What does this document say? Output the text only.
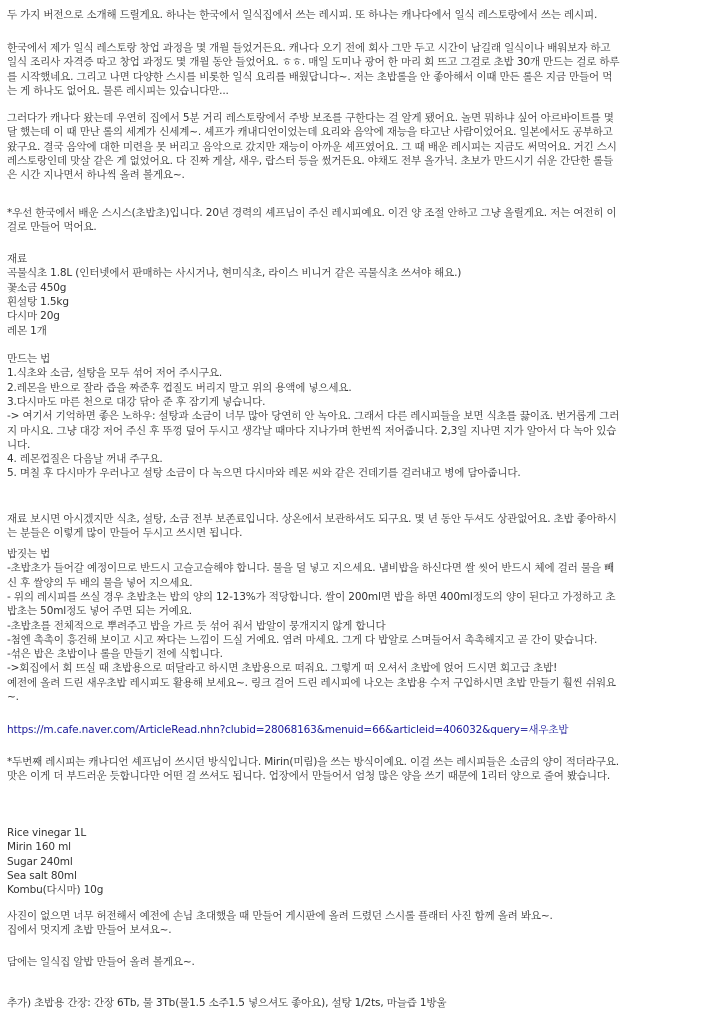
두 가지 버전으로 소개해 드릴게요. 하나는 한국에서 일식집에서 쓰는 레시피. 또 하나는 캐나다에서 일식 레스토랑에서 쓰는 레시피.
한국에서 제가 일식 레스토랑 창업 과정을 몇 개월 들었거든요. 캐나다 오기 전에 회사 그만 두고 시간이 남길래 일식이나 배워보자 하고
일식 조리사 자격증 따고 창업 과정도 몇 개월 동안 들었어요. ㅎㅎ. 매일 도미나 광어 한 마리 회 뜨고 그걸로 초밥 30개 만드는 걸로 하루
를 시작했네요. 그리고 나면 다양한 스시를 비롯한 일식 요리를 배웠답니다~. 저는 초밥롤을 안 좋아해서 이때 만든 롤은 지금 만들어 먹
는 게 하나도 없어요. 물론 레시피는 있습니다만...
그러다가 캐나다 왔는데 우연히 집에서 5분 거리 레스토랑에서 주방 보조를 구한다는 걸 알게 됐어요. 놀면 뭐하냐 싶어 아르바이트를 몇
달 했는데 이 때 만난 롤의 세계가 신세계~. 셰프가 캐내디언이었는데 요리와 음악에 재능을 타고난 사람이었어요. 일본에서도 공부하고
왔구요. 결국 음악에 대한 미련을 못 버리고 음악으로 갔지만 재능이 아까운 셰프였어요. 그 때 배운 레시피는 지금도 써먹어요. 거긴 스시
레스토랑인데 맛살 같은 게 없었어요. 다 진짜 게살, 새우, 랍스터 등을 썼거든요. 야채도 전부 올가닉. 초보가 만드시기 쉬운 간단한 롤들
은 시간 지나면서 하나씩 올려 볼게요~.
*우선 한국에서 배운 스시스(초밥초)입니다. 20년 경력의 셰프님이 주신 레시피예요. 이건 양 조절 안하고 그냥 올릴게요. 저는 여전히 이
걸로 만들어 먹어요.
재료
곡물식초 1.8L (인터넷에서 판매하는 사시거나, 현미식초, 라이스 비니거 같은 곡물식초 쓰셔야 해요.)
꽃소금 450g
흰설탕 1.5kg
다시마 20g
레몬 1개
만드는 법
1.식초와 소금, 설탕을 모두 섞어 저어 주시구요.
2.레몬을 반으로 잘라 즙을 짜준후 껍질도 버리지 말고 위의 용액에 넣으세요.
3.다시마도 마른 천으로 대강 닦아 준 후 잠기게 넣습니다.
-> 여기서 기억하면 좋은 노하우: 설탕과 소금이 너무 많아 당연히 안 녹아요. 그래서 다른 레시피들을 보면 식초를 끓이죠. 번거롭게 그러
지 마시요. 그냥 대강 저어 주신 후 뚜껑 덮어 두시고 생각날 때마다 지나가며 한번씩 저어줍니다. 2,3일 지나면 지가 알아서 다 녹아 있습
니다.
4. 레몬껍질은 다음날 꺼내 주구요.
5. 며칠 후 다시마가 우러나고 설탕 소금이 다 녹으면 다시마와 레몬 씨와 같은 건데기를 걸러내고 병에 담아줍니다.
재료 보시면 아시겠지만 식초, 설탕, 소금 전부 보존료입니다. 상온에서 보관하셔도 되구요. 몇 년 동안 두셔도 상관없어요. 초밥 좋아하시
는 분들은 이렇게 많이 만들어 두시고 쓰시면 됩니다.
밥짓는 법
-초밥초가 들어갈 예정이므로 반드시 고슬고슬해야 합니다. 물을 덜 넣고 지으세요. 냄비밥을 하신다면 쌀 씻어 반드시 체에 걸러 물을 빼
신 후 쌀양의 두 배의 물을 넣어 지으세요.
- 위의 레시피를 쓰실 경우 초밥초는 밥의 양의 12-13%가 적당합니다. 쌀이 200ml면 밥을 하면 400ml정도의 양이 된다고 가정하고 초
밥초는 50ml정도 넣어 주면 되는 거예요.
-초밥초를 전체적으로 뿌려주고 밥을 가르 듯 섞어 줘서 밥알이 뭉개지지 않게 합니다
-첨엔 촉촉이 흥건해 보이고 시고 짜다는 느낌이 드실 거예요. 염려 마세요. 그게 다 밥알로 스며들어서 촉촉해지고 곧 간이 맞습니다.
-섞은 밥은 초밥이나 롤을 만들기 전에 식힙니다.
->회집에서 회 뜨실 때 초밥용으로 떠달라고 하시면 초밥용으로 떠줘요. 그렇게 떠 오셔서 초밥에 얹어 드시면 회고급 초밥!
예전에 올려 드린 새우초밥 레시피도 활용해 보세요~. 링크 걸어 드린 레시피에 나오는 초밥용 수저 구입하시면 초밥 만들기 훨씬 쉬워요
~.
https://m.cafe.naver.com/ArticleRead.nhn?clubid=28068163&menuid=66&articleid=406032&query=새우초밥
*두번째 레시피는 캐나디언 셰프님이 쓰시던 방식입니다. Mirin(미림)을 쓰는 방식이예요. 이걸 쓰는 레시피들은 소금의 양이 적더라구요.
맛은 이게 더 부드러운 듯합니다만 어떤 걸 쓰셔도 됩니다. 업장에서 만들어서 엄청 많은 양을 쓰기 때문에 1리터 양으로 줄여 봤습니다.
Rice vinegar 1L
Mirin 160 ml
Sugar 240ml
Sea salt 80ml
Kombu(다시마) 10g
사진이 없으면 너무 허전해서 예전에 손님 초대했을 때 만들어 게시판에 올려 드렸던 스시롤 플래터 사진 함께 올려 봐요~.
집에서 멋지게 초밥 만들어 보셔요~.
담에는 일식집 알밥 만들어 올려 볼게요~.
추가) 초밥용 간장: 간장 6Tb, 물 3Tb(물1.5 소주1.5 넣으셔도 좋아요), 설탕 1/2ts, 마늘즙 1방울
